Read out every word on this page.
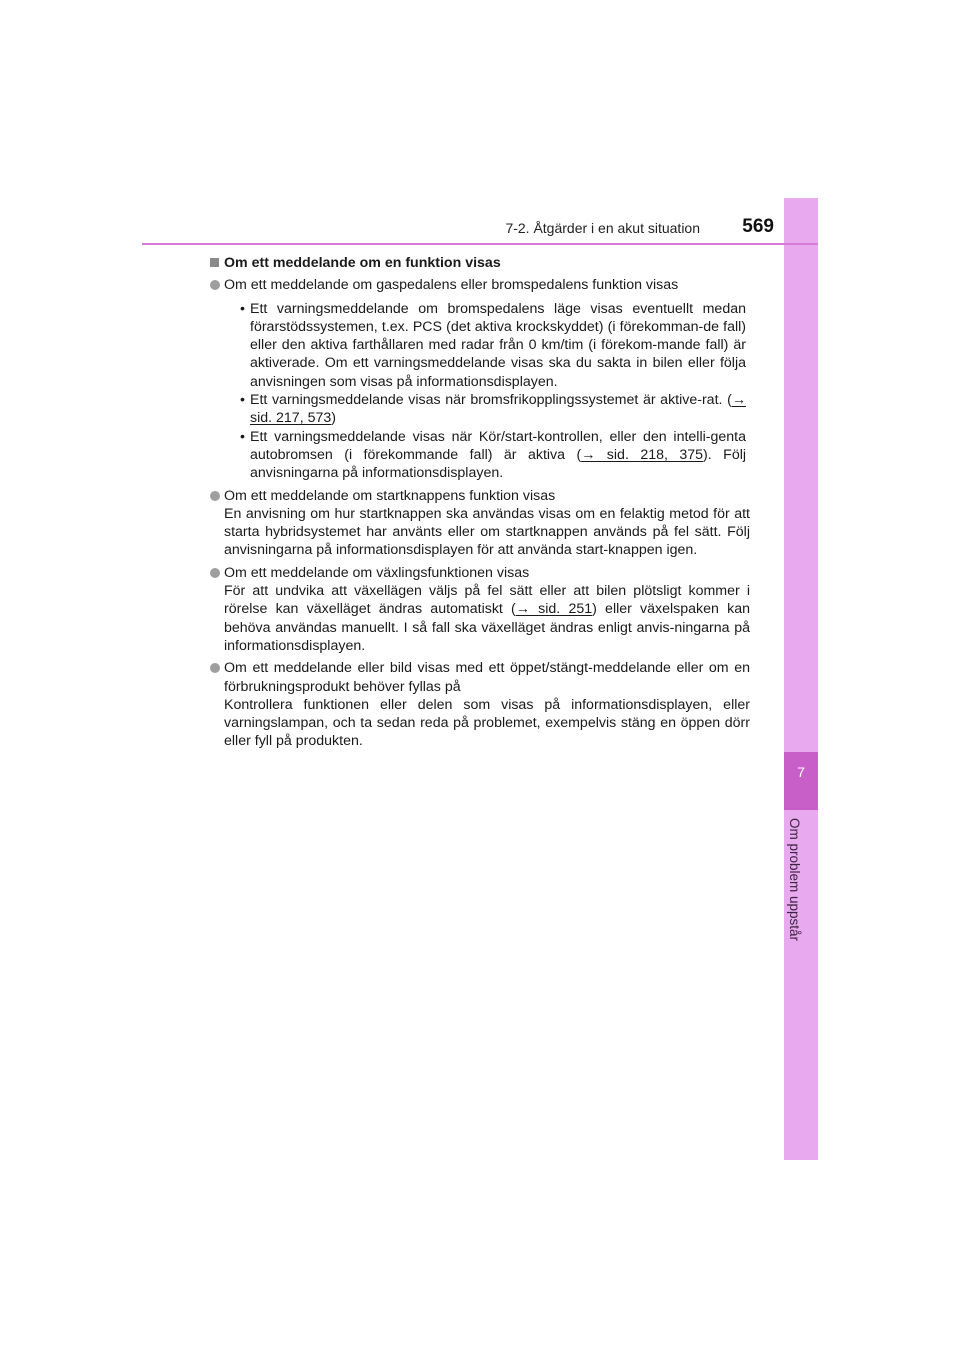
7
Om problem uppstår
7-2. Åtgärder i en akut situation	569
Om ett meddelande om en funktion visas

Om ett meddelande om gaspedalens eller bromspedalens funktion visas

• Ett varningsmeddelande om bromspedalens läge visas eventuellt medan förarstödssystemen, t.ex. PCS (det aktiva krockskyddet) (i förekomman-de fall) eller den aktiva farthållaren med radar från 0 km/tim (i förekom-mande fall) är aktiverade. Om ett varningsmeddelande visas ska du sakta in bilen eller följa anvisningen som visas på informationsdisplayen.
• Ett varningsmeddelande visas när bromsfrikopplingssystemet är aktive-rat. (→ sid. 217, 573)
• Ett varningsmeddelande visas när Kör/start-kontrollen, eller den intelli-genta autobromsen (i förekommande fall) är aktiva (→ sid. 218, 375). Följ anvisningarna på informationsdisplayen.

Om ett meddelande om startknappens funktion visas

En anvisning om hur startknappen ska användas visas om en felaktig metod för att starta hybridsystemet har använts eller om startknappen används på fel sätt. Följ anvisningarna på informationsdisplayen för att använda start-knappen igen.

Om ett meddelande om växlingsfunktionen visas

För att undvika att växellägen väljs på fel sätt eller att bilen plötsligt kommer i rörelse kan växelläget ändras automatiskt (→ sid. 251) eller växelspaken kan behöva användas manuellt. I så fall ska växelläget ändras enligt anvis-ningarna på informationsdisplayen.

Om ett meddelande eller bild visas med ett öppet/stängt-meddelande eller om en förbrukningsprodukt behöver fyllas på

Kontrollera funktionen eller delen som visas på informationsdisplayen, eller varningslampan, och ta sedan reda på problemet, exempelvis stäng en öppen dörr eller fyll på produkten.
